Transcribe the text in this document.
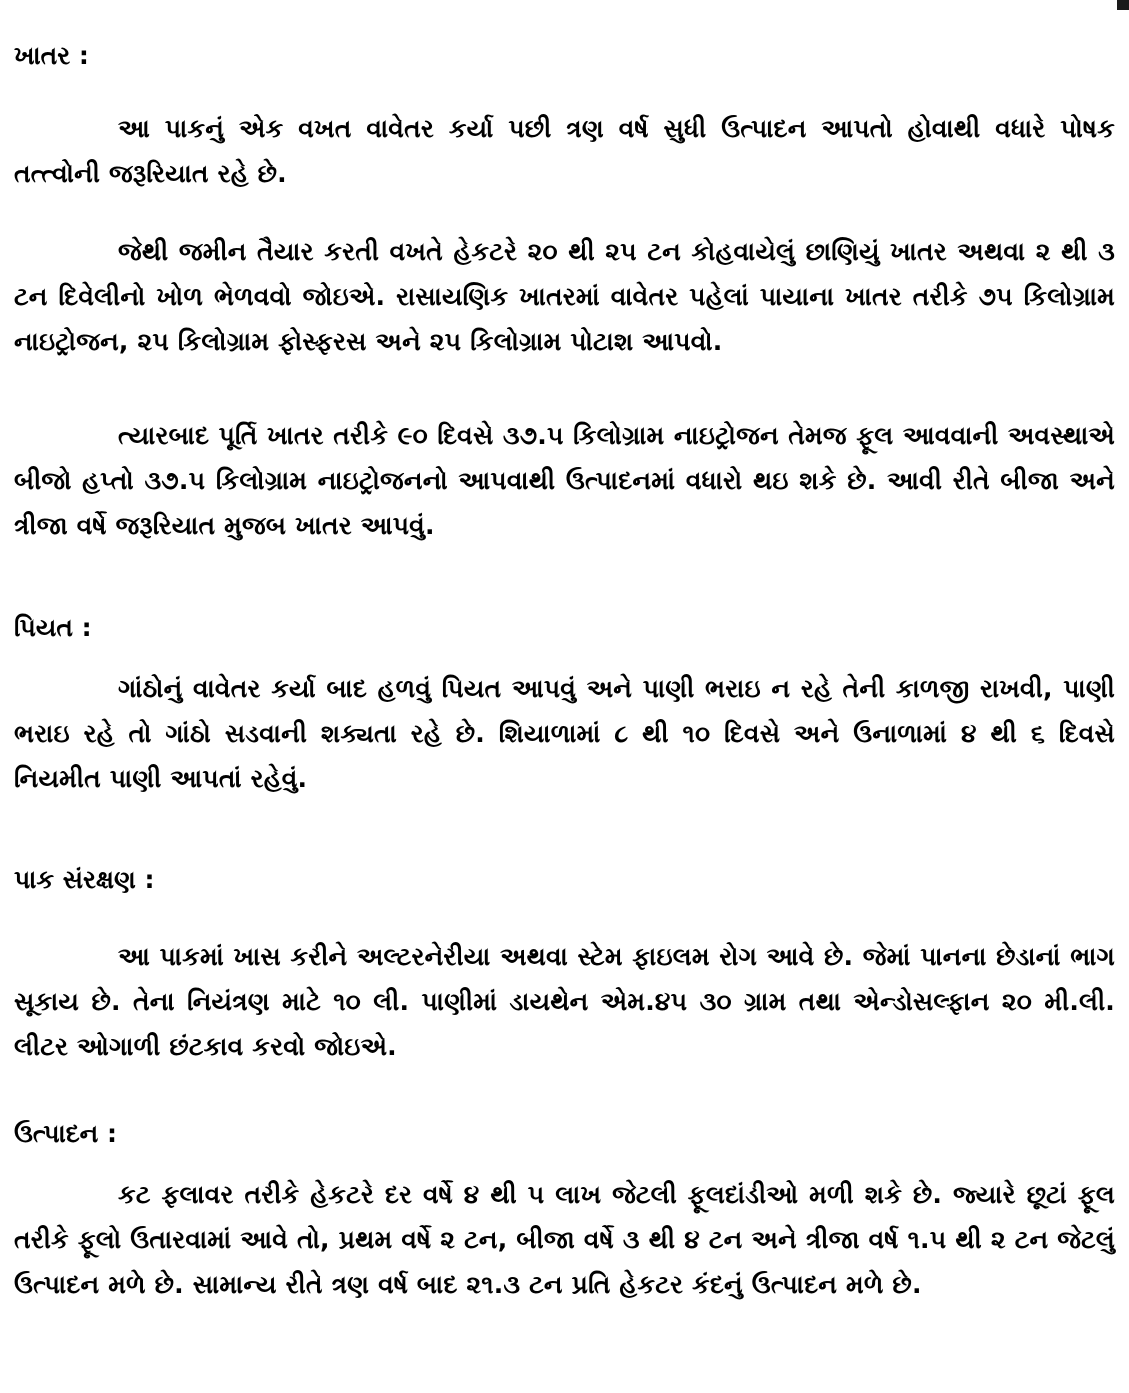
ખાતર :

આ પાકનું એક વખત વાવેતર કર્યા પછી ત્રણ વર્ષ સુધી ઉત્પાદન આપતો હોવાથી વધારે પોષક તત્ત્વોની જરૂરિયાત રહે છે.

જેથી જમીન તૈયાર કરતી વખતે હેકટરે ૨૦ થી ૨૫ ટન કોહવાયેલું છાણિયું ખાતર અથવા ૨ થી ૩ ટન દિવેલીનો ખોળ ભેળવવો જોઇએ. રાસાયણિક ખાતરમાં વાવેતર પહેલાં પાયાના ખાતર તરીકે ૭૫ કિલોગ્રામ નાઇટ્રોજન, ૨૫ કિલોગ્રામ ફોસ્ફરસ અને ૨૫ કિલોગ્રામ પોટાશ આપવો.

ત્યારબાદ પૂર્તિ ખાતર તરીકે ૯૦ દિવસે ૩૭.૫ કિલોગ્રામ નાઇટ્રોજન તેમજ ફૂલ આવવાની અવસ્થાએ બીજો હપ્તો ૩૭.૫ કિલોગ્રામ નાઇટ્રોજનનો આપવાથી ઉત્પાદનમાં વધારો થઇ શકે છે. આવી રીતે બીજા અને ત્રીજા વર્ષે જરૂરિયાત મુજબ ખાતર આપવું.

પિયત :

ગાંઠોનું વાવેતર કર્યા બાદ હળવું પિયત આપવું અને પાણી ભરાઇ ન રહે તેની કાળજી રાખવી, પાણી ભરાઇ રહે તો ગાંઠો સડવાની શક્યતા રહે છે. શિયાળામાં ૮ થી ૧૦ દિવસે અને ઉનાળામાં ૪ થી ૬ દિવસે નિયમીત પાણી આપતાં રહેવું.

પાક સંરક્ષણ :

આ પાકમાં ખાસ કરીને અલ્ટરનેરીયા અથવા સ્ટેમ ફાઇલમ રોગ આવે છે. જેમાં પાનના છેડાનાં ભાગ સૂકાય છે. તેના નિયંત્રણ માટે ૧૦ લી. પાણીમાં ડાયથેન એમ.૪૫ ૩૦ ગ્રામ તથા એન્ડોસલ્ફાન ૨૦ મી.લી. લીટર ઓગાળી છંટકાવ કરવો જોઇએ.

ઉત્પાદન :

કટ ફલાવર તરીકે હેકટરે દર વર્ષે ૪ થી ૫ લાખ જેટલી ફૂલદાંડીઓ મળી શકે છે. જ્યારે છૂટાં ફૂલ તરીકે ફૂલો ઉતારવામાં આવે તો, પ્રથમ વર્ષે ૨ ટન, બીજા વર્ષે ૩ થી ૪ ટન અને ત્રીજા વર્ષ ૧.૫ થી ૨ ટન જેટલું ઉત્પાદન મળે છે. સામાન્ય રીતે ત્રણ વર્ષ બાદ ૨૧.૩ ટન પ્રતિ હેકટર કંદનું ઉત્પાદન મળે છે.
